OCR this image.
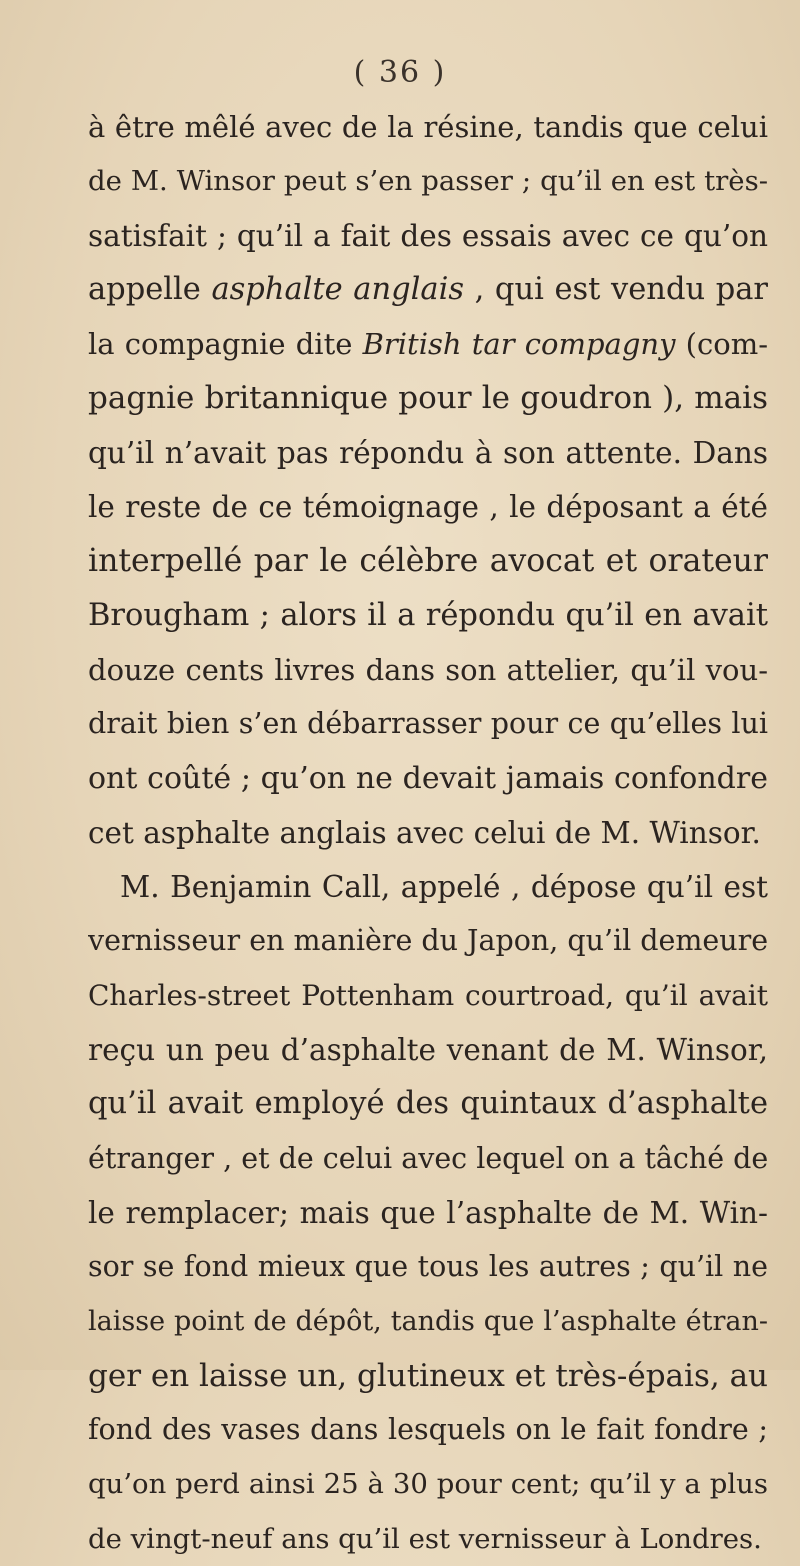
( 36 )
à être mêlé avec de la résine, tandis que celui
de M. Winsor peut s’en passer ; qu’il en est très-
satisfait ; qu’il a fait des essais avec ce qu’on
appelle asphalte anglais , qui est vendu par
la compagnie dite British tar compagny (com-
pagnie britannique pour le goudron ), mais
qu’il n’avait pas répondu à son attente. Dans
le reste de ce témoignage , le déposant a été
interpellé par le célèbre avocat et orateur
Brougham ; alors il a répondu qu’il en avait
douze cents livres dans son attelier, qu’il vou-
drait bien s’en débarrasser pour ce qu’elles lui
ont coûté ; qu’on ne devait jamais confondre
cet asphalte anglais avec celui de M. Winsor.
M. Benjamin Call, appelé , dépose qu’il est
vernisseur en manière du Japon, qu’il demeure
Charles-street Pottenham courtroad, qu’il avait
reçu un peu d’asphalte venant de M. Winsor,
qu’il avait employé des quintaux d’asphalte
étranger , et de celui avec lequel on a tâché de
le remplacer; mais que l’asphalte de M. Win-
sor se fond mieux que tous les autres ; qu’il ne
laisse point de dépôt, tandis que l’asphalte étran-
ger en laisse un, glutineux et très-épais, au
fond des vases dans lesquels on le fait fondre ;
qu’on perd ainsi 25 à 30 pour cent; qu’il y a plus
de vingt-neuf ans qu’il est vernisseur à Londres.
